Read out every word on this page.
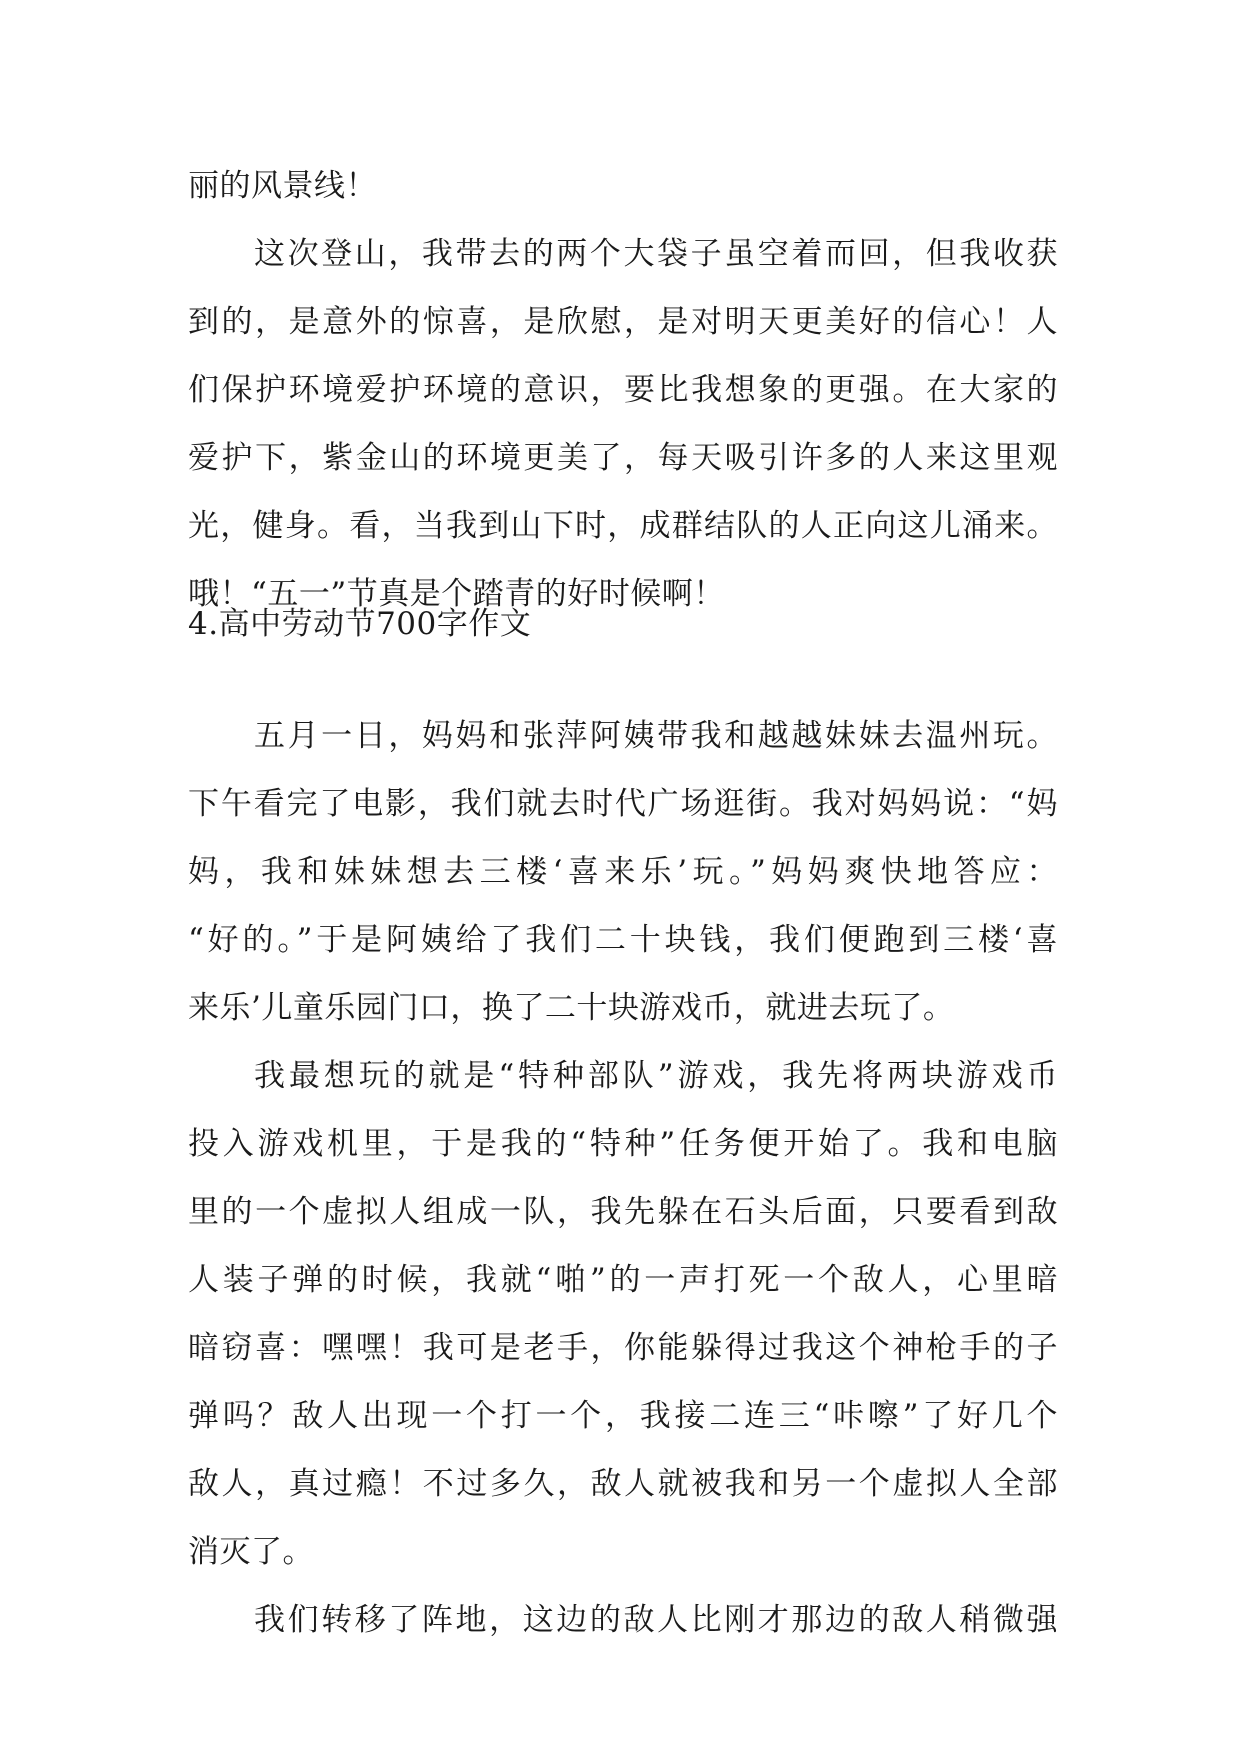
丽的风景线！
这次登山，我带去的两个大袋子虽空着而回，但我收获
到的，是意外的惊喜，是欣慰，是对明天更美好的信心！人
们保护环境爱护环境的意识，要比我想象的更强。在大家的
爱护下，紫金山的环境更美了，每天吸引许多的人来这里观
光，健身。看，当我到山下时，成群结队的人正向这儿涌来。
哦！“五一”节真是个踏青的好时候啊！
4.高中劳动节700字作文
五月一日，妈妈和张萍阿姨带我和越越妹妹去温州玩。
下午看完了电影，我们就去时代广场逛街。我对妈妈说：“妈
妈，我和妹妹想去三楼‘喜来乐’玩。”妈妈爽快地答应：
“好的。”于是阿姨给了我们二十块钱，我们便跑到三楼‘喜
来乐’儿童乐园门口，换了二十块游戏币，就进去玩了。
我最想玩的就是“特种部队”游戏，我先将两块游戏币
投入游戏机里，于是我的“特种”任务便开始了。我和电脑
里的一个虚拟人组成一队，我先躲在石头后面，只要看到敌
人装子弹的时候，我就“啪”的一声打死一个敌人，心里暗
暗窃喜：嘿嘿！我可是老手，你能躲得过我这个神枪手的子
弹吗？敌人出现一个打一个，我接二连三“咔嚓”了好几个
敌人，真过瘾！不过多久，敌人就被我和另一个虚拟人全部
消灭了。
我们转移了阵地，这边的敌人比刚才那边的敌人稍微强
